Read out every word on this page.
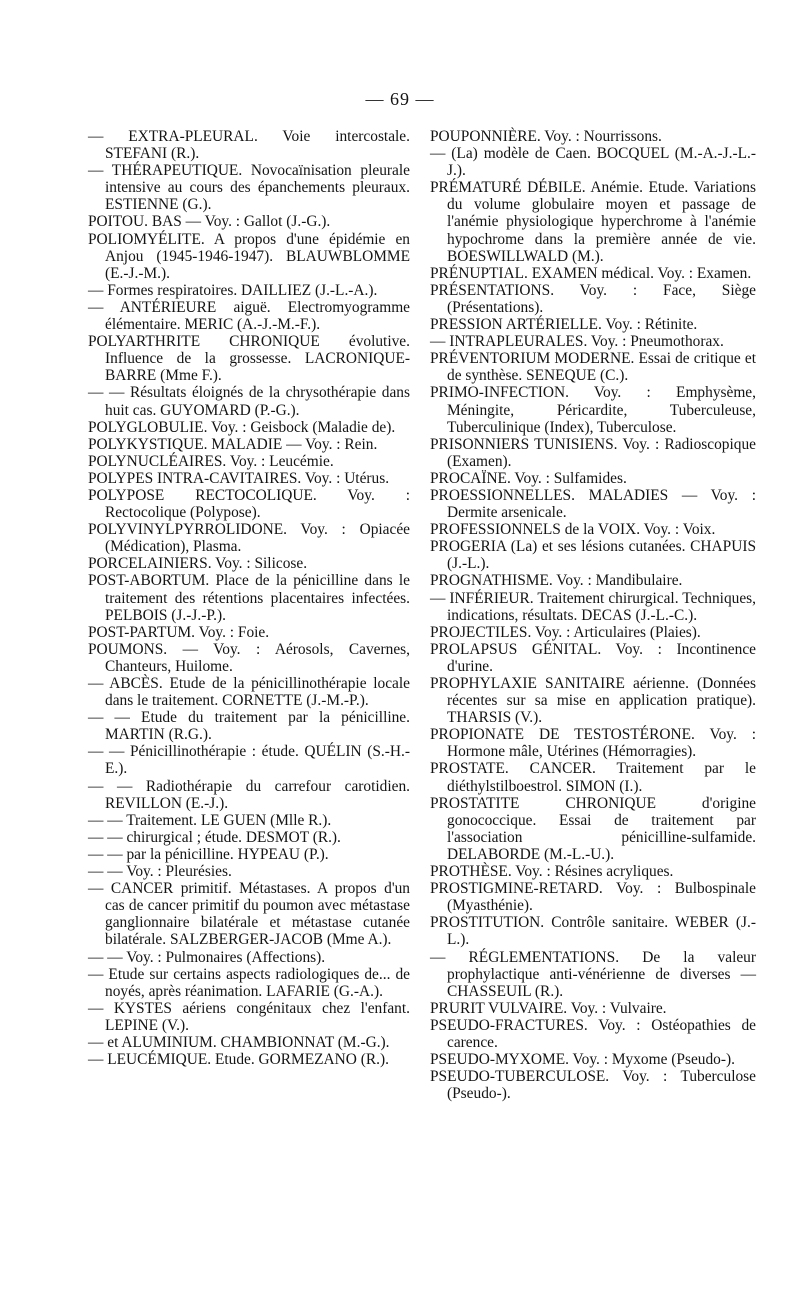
— 69 —

— EXTRA-PLEURAL. Voie intercostale. STEFANI (R.).

— THÉRAPEUTIQUE. Novocaïnisation pleurale intensive au cours des épanchements pleuraux. ESTIENNE (G.).

POITOU. BAS — Voy. : Gallot (J.-G.).

POLIOMYÉLITE. A propos d'une épidémie en Anjou (1945-1946-1947). BLAUWBLOMME (E.-J.-M.).

— Formes respiratoires. DAILLIEZ (J.-L.-A.).

— ANTÉRIEURE aiguë. Electromyogramme élémentaire. MERIC (A.-J.-M.-F.).

POLYARTHRITE CHRONIQUE évolutive. Influence de la grossesse. LACRONIQUE-BARRE (Mme F.).

— — Résultats éloignés de la chrysothérapie dans huit cas. GUYOMARD (P.-G.).

POLYGLOBULIE. Voy. : Geisbock (Maladie de).

POLYKYSTIQUE. MALADIE — Voy. : Rein.

POLYNUCLÉAIRES. Voy. : Leucémie.

POLYPES INTRA-CAVITAIRES. Voy. : Utérus.

POLYPOSE RECTOCOLIQUE. Voy. : Rectocolique (Polypose).

POLYVINYLPYRROLIDONE. Voy. : Opiacée (Médication), Plasma.

PORCELAINIERS. Voy. : Silicose.

POST-ABORTUM. Place de la pénicilline dans le traitement des rétentions placentaires infectées. PELBOIS (J.-J.-P.).

POST-PARTUM. Voy. : Foie.

POUMONS. — Voy. : Aérosols, Cavernes, Chanteurs, Huilome.

— ABCÈS. Etude de la pénicillinothérapie locale dans le traitement. CORNETTE (J.-M.-P.).

— — Etude du traitement par la pénicilline. MARTIN (R.G.).

— — Pénicillinothérapie : étude. QUÉLIN (S.-H.-E.).

— — Radiothérapie du carrefour carotidien. REVILLON (E.-J.).

— — Traitement. LE GUEN (Mlle R.).

— — chirurgical ; étude. DESMOT (R.).

— — par la pénicilline. HYPEAU (P.).

— — Voy. : Pleurésies.

— CANCER primitif. Métastases. A propos d'un cas de cancer primitif du poumon avec métastase ganglionnaire bilatérale et métastase cutanée bilatérale. SALZBERGER-JACOB (Mme A.).

— — Voy. : Pulmonaires (Affections).

— Etude sur certains aspects radiologiques de... de noyés, après réanimation. LAFARIE (G.-A.).

— KYSTES aériens congénitaux chez l'enfant. LEPINE (V.).

— et ALUMINIUM. CHAMBIONNAT (M.-G.).

— LEUCÉMIQUE. Etude. GORMEZANO (R.).

POUPONNIÈRE. Voy. : Nourrissons.

— (La) modèle de Caen. BOCQUEL (M.-A.-J.-L.-J.).

PRÉMATURÉ DÉBILE. Anémie. Etude. Variations du volume globulaire moyen et passage de l'anémie physiologique hyperchrome à l'anémie hypochrome dans la première année de vie. BOESWILLWALD (M.).

PRÉNUPTIAL. EXAMEN médical. Voy. : Examen.

PRÉSENTATIONS. Voy. : Face, Siège (Présentations).

PRESSION ARTÉRIELLE. Voy. : Rétinite.

— INTRAPLEURALES. Voy. : Pneumothorax.

PRÉVENTORIUM MODERNE. Essai de critique et de synthèse. SENEQUE (C.).

PRIMO-INFECTION. Voy. : Emphysème, Méningite, Péricardite, Tuberculeuse, Tuberculinique (Index), Tuberculose.

PRISONNIERS TUNISIENS. Voy. : Radioscopique (Examen).

PROCAÏNE. Voy. : Sulfamides.

PROESSIONNELLES. MALADIES — Voy. : Dermite arsenicale.

PROFESSIONNELS de la VOIX. Voy. : Voix.

PROGERIA (La) et ses lésions cutanées. CHAPUIS (J.-L.).

PROGNATHISME. Voy. : Mandibulaire.

— INFÉRIEUR. Traitement chirurgical. Techniques, indications, résultats. DECAS (J.-L.-C.).

PROJECTILES. Voy. : Articulaires (Plaies).

PROLAPSUS GÉNITAL. Voy. : Incontinence d'urine.

PROPHYLAXIE SANITAIRE aérienne. (Données récentes sur sa mise en application pratique). THARSIS (V.).

PROPIONATE DE TESTOSTÉRONE. Voy. : Hormone mâle, Utérines (Hémorragies).

PROSTATE. CANCER. Traitement par le diéthylstilboestrol. SIMON (I.).

PROSTATITE CHRONIQUE d'origine gonococcique. Essai de traitement par l'association pénicilline-sulfamide. DELABORDE (M.-L.-U.).

PROTHÈSE. Voy. : Résines acryliques.

PROSTIGMINE-RETARD. Voy. : Bulbospinale (Myasthénie).

PROSTITUTION. Contrôle sanitaire. WEBER (J.-L.).

— RÉGLEMENTATIONS. De la valeur prophylactique anti-vénérienne de diverses — CHASSEUIL (R.).

PRURIT VULVAIRE. Voy. : Vulvaire.

PSEUDO-FRACTURES. Voy. : Ostéopathies de carence.

PSEUDO-MYXOME. Voy. : Myxome (Pseudo-).

PSEUDO-TUBERCULOSE. Voy. : Tuberculose (Pseudo-).
